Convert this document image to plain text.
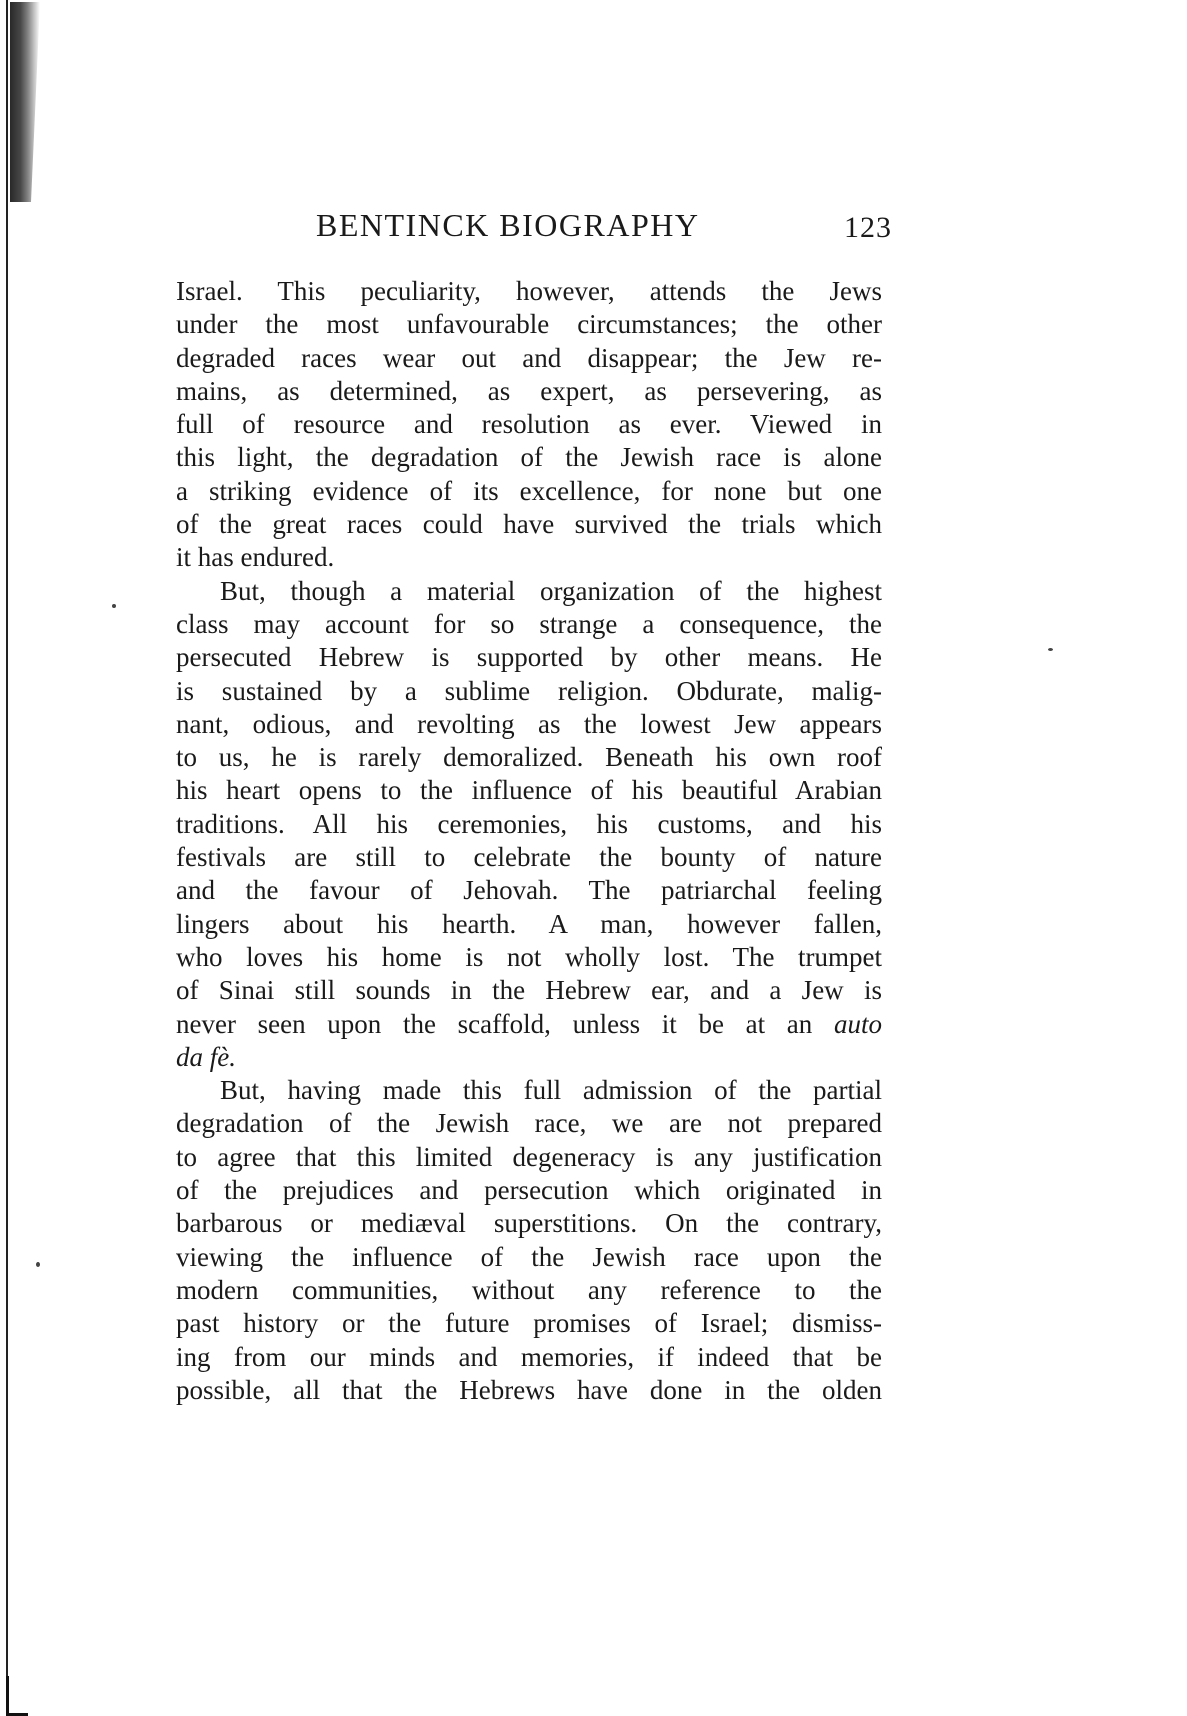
BENTINCK BIOGRAPHY	123
Israel. This peculiarity, however, attends the Jews
under the most unfavourable circumstances; the other
degraded races wear out and disappear; the Jew re-
mains, as determined, as expert, as persevering, as
full of resource and resolution as ever. Viewed in
this light, the degradation of the Jewish race is alone
a striking evidence of its excellence, for none but one
of the great races could have survived the trials which
it has endured.
But, though a material organization of the highest
class may account for so strange a consequence, the
persecuted Hebrew is supported by other means. He
is sustained by a sublime religion. Obdurate, malig-
nant, odious, and revolting as the lowest Jew appears
to us, he is rarely demoralized. Beneath his own roof
his heart opens to the influence of his beautiful Arabian
traditions. All his ceremonies, his customs, and his
festivals are still to celebrate the bounty of nature
and the favour of Jehovah. The patriarchal feeling
lingers about his hearth. A man, however fallen,
who loves his home is not wholly lost. The trumpet
of Sinai still sounds in the Hebrew ear, and a Jew is
never seen upon the scaffold, unless it be at an auto
da fè.
But, having made this full admission of the partial
degradation of the Jewish race, we are not prepared
to agree that this limited degeneracy is any justification
of the prejudices and persecution which originated in
barbarous or mediæval superstitions. On the contrary,
viewing the influence of the Jewish race upon the
modern communities, without any reference to the
past history or the future promises of Israel; dismiss-
ing from our minds and memories, if indeed that be
possible, all that the Hebrews have done in the olden
